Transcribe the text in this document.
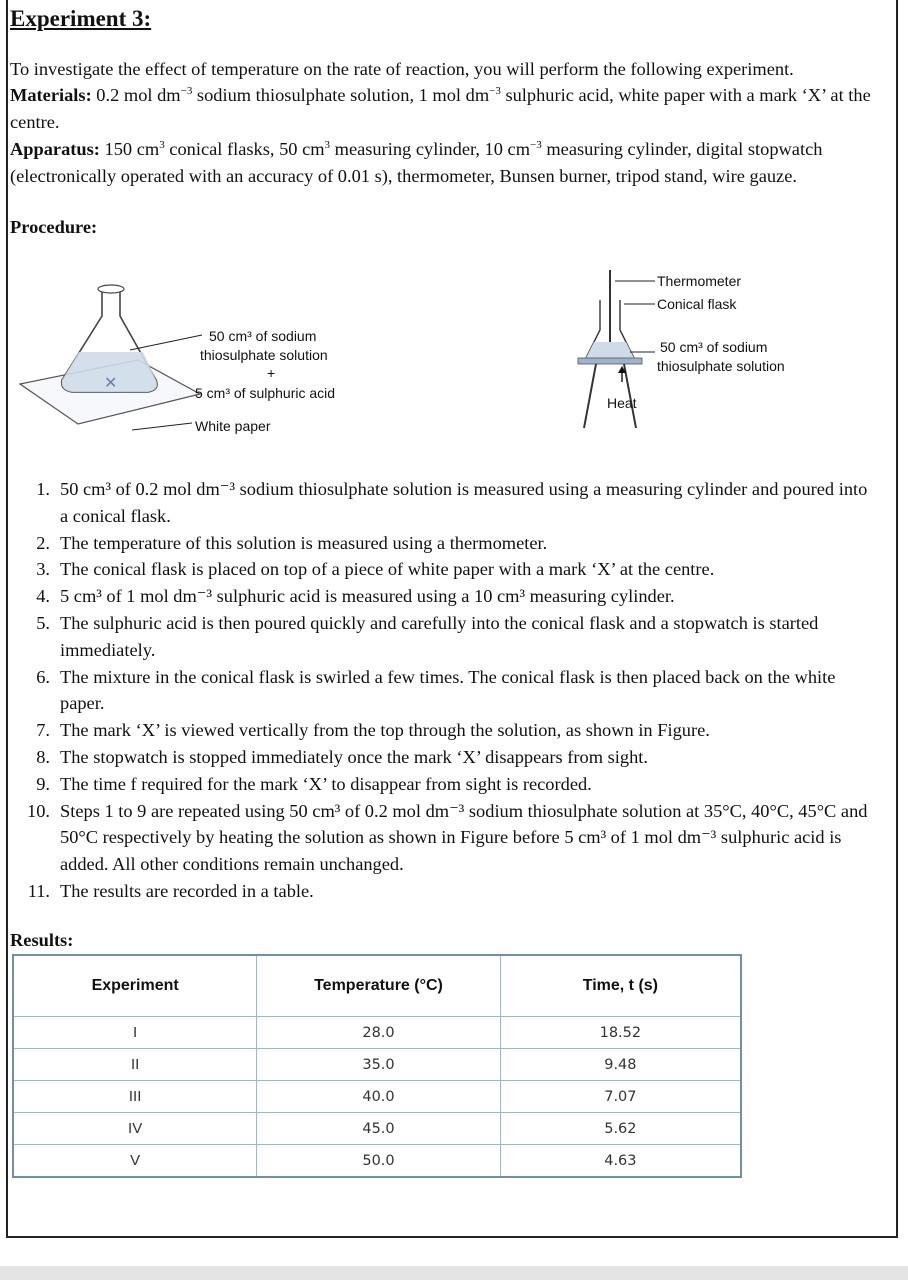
Experiment 3:
To investigate the effect of temperature on the rate of reaction, you will perform the following experiment.
Materials: 0.2 mol $dm^{-3}$ sodium thiosulphate solution, 1 mol $dm^{-3}$ sulphuric acid, white paper with a mark ‘X’ at the centre.
Apparatus: 150 $cm^3$ conical flasks, 50 $cm^3$ measuring cylinder, 10 $cm^{-3}$ measuring cylinder, digital stopwatch (electronically operated with an accuracy of 0.01 s), thermometer, Bunsen burner, tripod stand, wire gauze.
Procedure:
✕
50 cm³ of sodium
thiosulphate solution
+
5 cm³ of sulphuric acid
White paper
Thermometer
Conical flask
50 cm³ of sodium
thiosulphate solution
Heat
1. 50 cm³ of 0.2 mol dm⁻³ sodium thiosulphate solution is measured using a measuring cylinder and poured into a conical flask.
2. The temperature of this solution is measured using a thermometer.
3. The conical flask is placed on top of a piece of white paper with a mark ‘X’ at the centre.
4. 5 cm³ of 1 mol dm⁻³ sulphuric acid is measured using a 10 cm³ measuring cylinder.
5. The sulphuric acid is then poured quickly and carefully into the conical flask and a stopwatch is started immediately.
6. The mixture in the conical flask is swirled a few times. The conical flask is then placed back on the white paper.
7. The mark ‘X’ is viewed vertically from the top through the solution, as shown in Figure.
8. The stopwatch is stopped immediately once the mark ‘X’ disappears from sight.
9. The time f required for the mark ‘X’ to disappear from sight is recorded.
10. Steps 1 to 9 are repeated using 50 cm³ of 0.2 mol dm⁻³ sodium thiosulphate solution at 35°C, 40°C, 45°C and 50°C respectively by heating the solution as shown in Figure before 5 cm³ of 1 mol dm⁻³ sulphuric acid is added. All other conditions remain unchanged.
11. The results are recorded in a table.
Results:
Experiment	Temperature (°C)	Time, t (s)
I	28.0	18.52
II	35.0	9.48
III	40.0	7.07
IV	45.0	5.62
V	50.0	4.63
